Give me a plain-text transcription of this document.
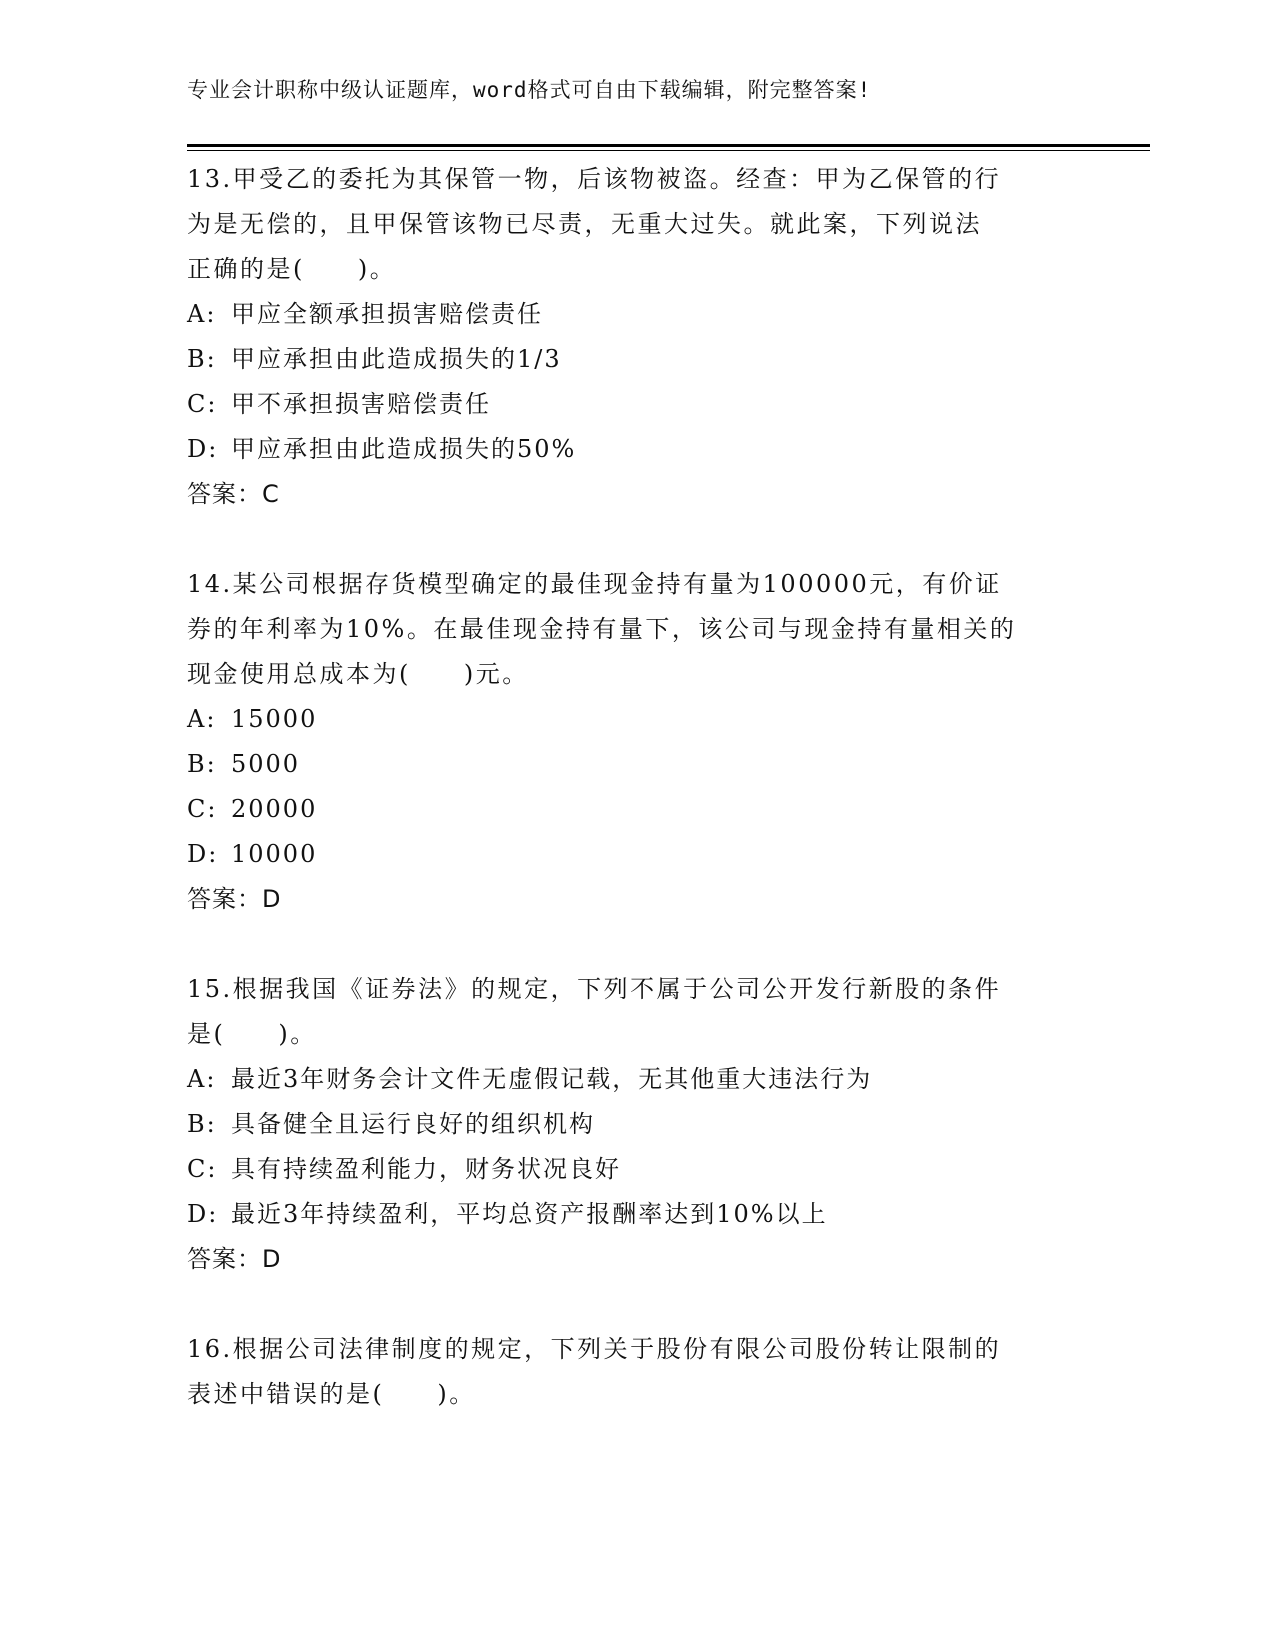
专业会计职称中级认证题库，word格式可自由下载编辑，附完整答案!
13.甲受乙的委托为其保管一物，后该物被盗。经查：甲为乙保管的行
为是无偿的，且甲保管该物已尽责，无重大过失。就此案，下列说法
正确的是(　　)。
A: 甲应全额承担损害赔偿责任
B: 甲应承担由此造成损失的1/3
C: 甲不承担损害赔偿责任
D: 甲应承担由此造成损失的50%
答案：C
14.某公司根据存货模型确定的最佳现金持有量为100000元，有价证
券的年利率为10%。在最佳现金持有量下，该公司与现金持有量相关的
现金使用总成本为(　　)元。
A: 15000
B: 5000
C: 20000
D: 10000
答案：D
15.根据我国《证券法》的规定，下列不属于公司公开发行新股的条件
是(　　)。
A: 最近3年财务会计文件无虚假记载，无其他重大违法行为
B: 具备健全且运行良好的组织机构
C: 具有持续盈利能力，财务状况良好
D: 最近3年持续盈利，平均总资产报酬率达到10%以上
答案：D
16.根据公司法律制度的规定，下列关于股份有限公司股份转让限制的
表述中错误的是(　　)。
